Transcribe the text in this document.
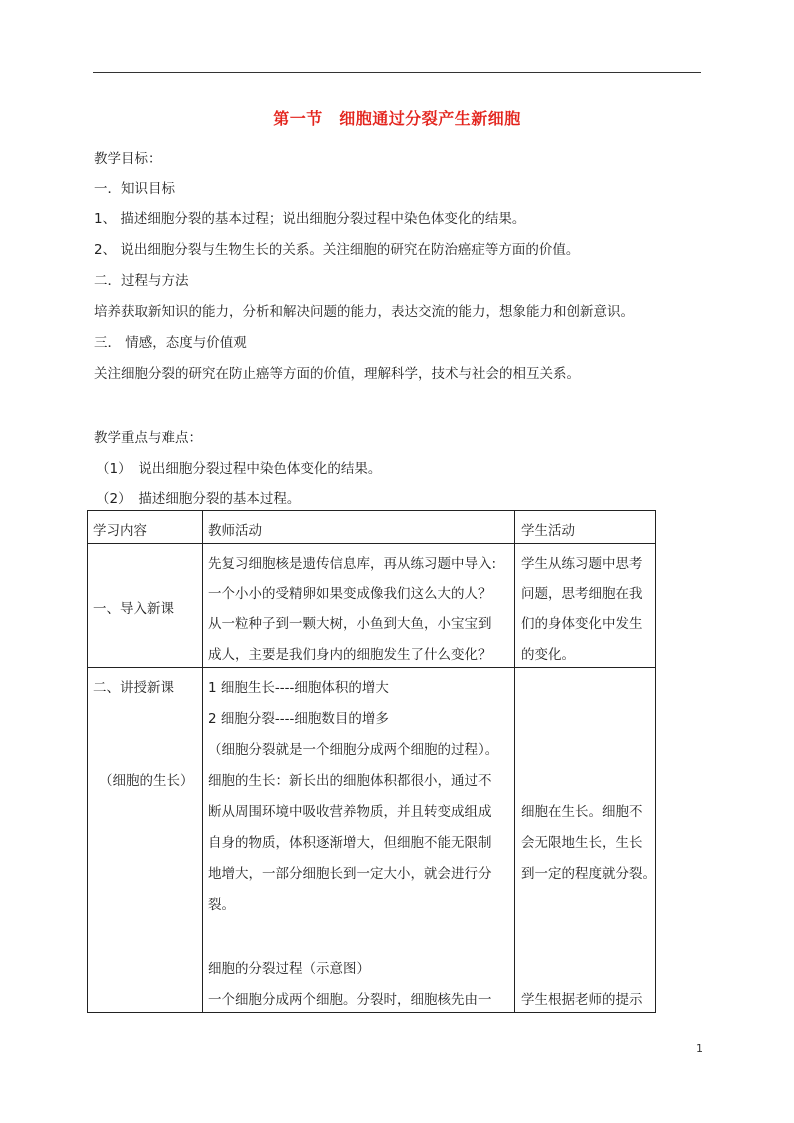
第一节　细胞通过分裂产生新细胞
教学目标：
一．知识目标
1、 描述细胞分裂的基本过程；说出细胞分裂过程中染色体变化的结果。
2、 说出细胞分裂与生物生长的关系。关注细胞的研究在防治癌症等方面的价值。
二．过程与方法
培养获取新知识的能力，分析和解决问题的能力，表达交流的能力，想象能力和创新意识。
三． 情感，态度与价值观
关注细胞分裂的研究在防止癌等方面的价值，理解科学，技术与社会的相互关系。
教学重点与难点：
（1）　说出细胞分裂过程中染色体变化的结果。
（2）　描述细胞分裂的基本过程。
学习内容	教师活动	学生活动
一、导入新课
先复习细胞核是遗传信息库，再从练习题中导入:
一个小小的受精卵如果变成像我们这么大的人？
从一粒种子到一颗大树，小鱼到大鱼，小宝宝到
成人，主要是我们身内的细胞发生了什么变化？
学生从练习题中思考
问题，思考细胞在我
们的身体变化中发生
的变化。
二、讲授新课
（细胞的生长）
1 细胞生长----细胞体积的增大
2 细胞分裂----细胞数目的增多
（细胞分裂就是一个细胞分成两个细胞的过程）。
细胞的生长：新长出的细胞体积都很小，通过不
断从周围环境中吸收营养物质，并且转变成组成
自身的物质，体积逐渐增大，但细胞不能无限制
地增大，一部分细胞长到一定大小，就会进行分
裂。
细胞的分裂过程（示意图）
一个细胞分成两个细胞。分裂时，细胞核先由一
细胞在生长。细胞不
会无限地生长，生长
到一定的程度就分裂。
学生根据老师的提示
1
